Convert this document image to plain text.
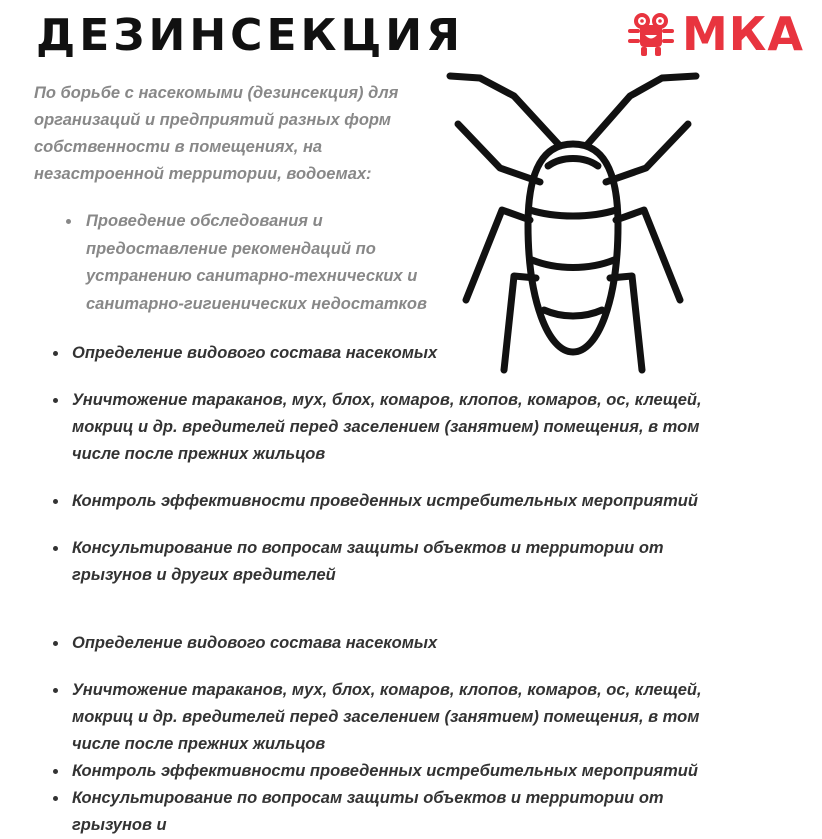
ДЕЗИНСЕКЦИЯ	МКА
По борьбе с насекомыми (дезинсекция) для организаций и предприятий разных форм собственности в помещениях, на незастроенной территории, водоемах:
Проведение обследования и предоставление рекомендаций по устранению санитарно-технических и санитарно-гигиенических недостатков
Определение видового состава насекомых
Уничтожение тараканов, мух, блох, комаров, клопов, комаров, ос, клещей, мокриц и др. вредителей перед заселением (занятием) помещения, в том числе после прежних жильцов
Контроль эффективности проведенных истребительных мероприятий
Консультирование по вопросам защиты объектов и территории от грызунов и других вредителей
Определение видового состава насекомых
Уничтожение тараканов, мух, блох, комаров, клопов, комаров, ос, клещей, мокриц и др. вредителей перед заселением (занятием) помещения, в том числе после прежних жильцов
Контроль эффективности проведенных истребительных мероприятий
Консультирование по вопросам защиты объектов и территории от грызунов и
